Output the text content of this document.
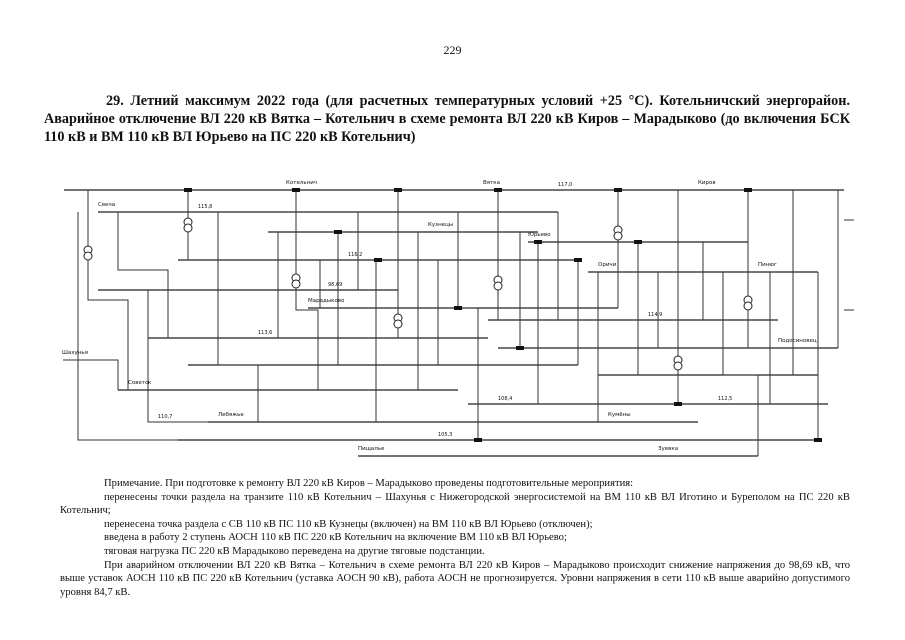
229
29. Летний максимум 2022 года (для расчетных температурных условий +25 °C). Котельничский энергорайон. Аварийное отключение ВЛ 220 кВ Вятка – Котельнич в схеме ремонта ВЛ 220 кВ Киров – Марадыково (до включения БСК 110 кВ и ВМ 110 кВ ВЛ Юрьево на ПС 220 кВ Котельнич)
Котельнич
Марадыково
Вятка	Киров
Юрьево
Кузнецы
Советск
Оричи
Свеча
Шахунья
Пинюг
Лебяжье
Пищалье
Кумёны
Зуевка
Подосиновец
115,8
116,2
117,0
114,9
113,6
108,4
98,69
112,5
110,7
105,3

Примечание. При подготовке к ремонту ВЛ 220 кВ Киров – Марадыково проведены подготовительные мероприятия:

перенесены точки раздела на транзите 110 кВ Котельнич – Шахунья с Нижегородской энергосистемой на ВМ 110 кВ ВЛ Иготино и Буреполом на ПС 220 кВ Котельнич;

перенесена точка раздела с СВ 110 кВ ПС 110 кВ Кузнецы (включен) на ВМ 110 кВ ВЛ Юрьево (отключен);

введена в работу 2 ступень АОСН 110 кВ ПС 220 кВ Котельнич на включение ВМ 110 кВ ВЛ Юрьево;

тяговая нагрузка ПС 220 кВ Марадыково переведена на другие тяговые подстанции.

При аварийном отключении ВЛ 220 кВ Вятка – Котельнич в схеме ремонта ВЛ 220 кВ Киров – Марадыково происходит снижение напряжения до 98,69 кВ, что выше уставок АОСН 110 кВ ПС 220 кВ Котельнич (уставка АОСН 90 кВ), работа АОСН не прогнозируется. Уровни напряжения в сети 110 кВ выше аварийно допустимого уровня 84,7 кВ.
